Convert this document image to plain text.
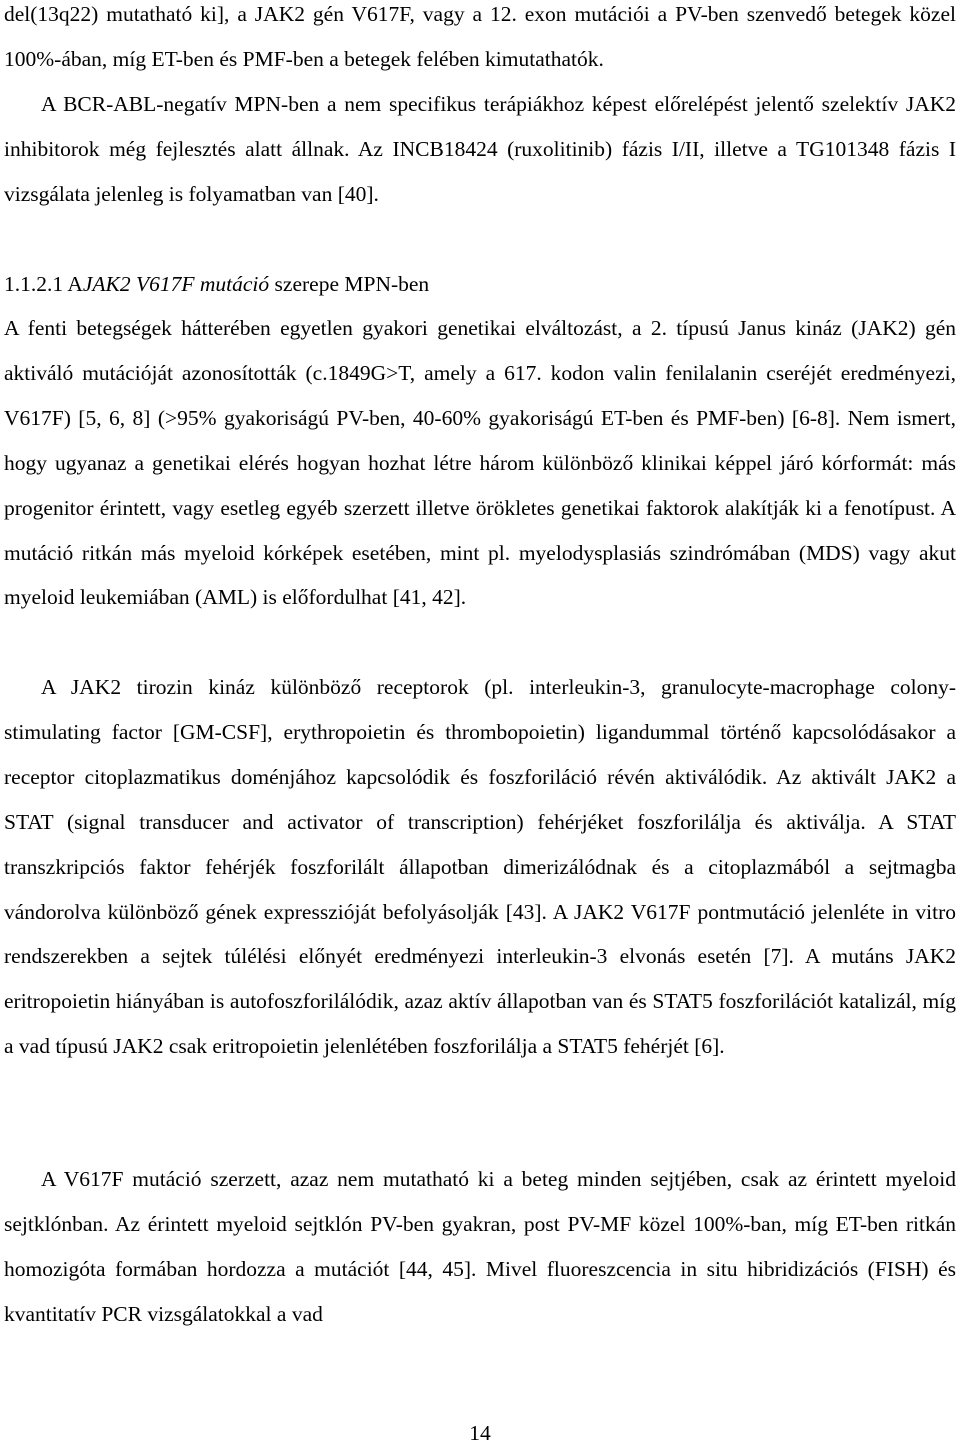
del(13q22) mutatható ki], a JAK2 gén V617F, vagy a 12. exon mutációi a PV-ben szenvedő betegek közel 100%-ában, míg ET-ben és PMF-ben a betegek felében kimutathatók.
A BCR-ABL-negatív MPN-ben a nem specifikus terápiákhoz képest előrelépést jelentő szelektív JAK2 inhibitorok még fejlesztés alatt állnak. Az INCB18424 (ruxolitinib) fázis I/II, illetve a TG101348 fázis I vizsgálata jelenleg is folyamatban van [40].

1.1.2.1 AJAK2 V617F mutáció szerepe MPN-ben

A fenti betegségek hátterében egyetlen gyakori genetikai elváltozást, a 2. típusú Janus kináz (JAK2) gén aktiváló mutációját azonosították (c.1849G>T, amely a 617. kodon valin fenilalanin cseréjét eredményezi, V617F) [5, 6, 8] (>95% gyakoriságú PV-ben, 40-60% gyakoriságú ET-ben és PMF-ben) [6-8]. Nem ismert, hogy ugyanaz a genetikai elérés hogyan hozhat létre három különböző klinikai képpel járó kórformát: más progenitor érintett, vagy esetleg egyéb szerzett illetve örökletes genetikai faktorok alakítják ki a fenotípust. A mutáció ritkán más myeloid kórképek esetében, mint pl. myelodysplasiás szindrómában (MDS) vagy akut myeloid leukemiában (AML) is előfordulhat [41, 42].

A JAK2 tirozin kináz különböző receptorok (pl. interleukin-3, granulocyte-macrophage colony-stimulating factor [GM-CSF], erythropoietin és thrombopoietin) ligandummal történő kapcsolódásakor a receptor citoplazmatikus doménjához kapcsolódik és foszforiláció révén aktiválódik. Az aktivált JAK2 a STAT (signal transducer and activator of transcription) fehérjéket foszforilálja és aktiválja. A STAT transzkripciós faktor fehérjék foszforilált állapotban dimerizálódnak és a citoplazmából a sejtmagba vándorolva különböző gének expresszióját befolyásolják [43]. A JAK2 V617F pontmutáció jelenléte in vitro rendszerekben a sejtek túlélési előnyét eredményezi interleukin-3 elvonás esetén [7]. A mutáns JAK2 eritropoietin hiányában is autofoszforilálódik, azaz aktív állapotban van és STAT5 foszforilációt katalizál, míg a vad típusú JAK2 csak eritropoietin jelenlétében foszforilálja a STAT5 fehérjét [6].

A V617F mutáció szerzett, azaz nem mutatható ki a beteg minden sejtjében, csak az érintett myeloid sejtklónban. Az érintett myeloid sejtklón PV-ben gyakran, post PV-MF közel 100%-ban, míg ET-ben ritkán homozigóta formában hordozza a mutációt [44, 45]. Mivel fluoreszcencia in situ hibridizációs (FISH) és kvantitatív PCR vizsgálatokkal a vad

14
